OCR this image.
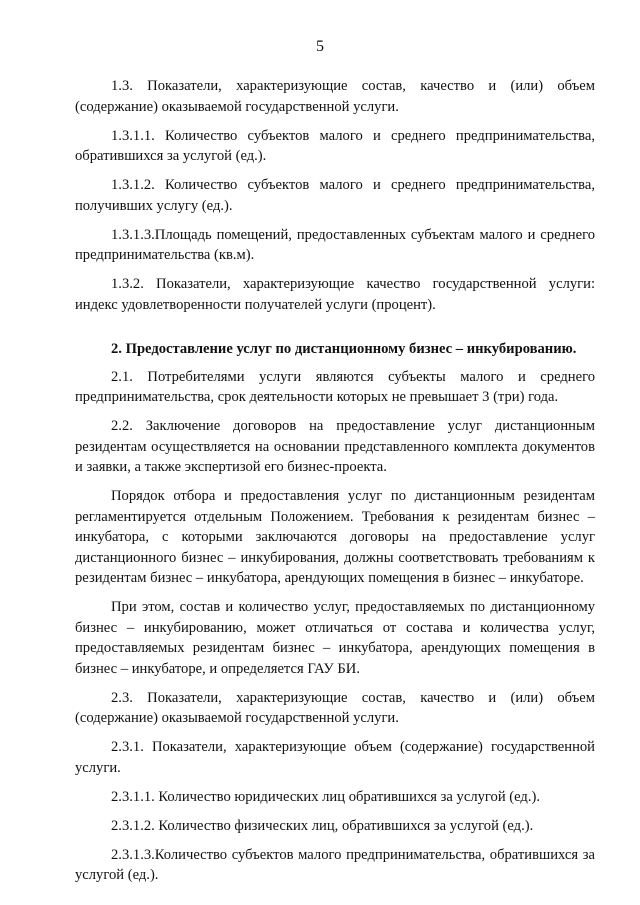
5

1.3. Показатели, характеризующие состав, качество и (или) объем (содержание) оказываемой государственной услуги.

1.3.1.1. Количество субъектов малого и среднего предпринимательства, обратившихся за услугой (ед.).

1.3.1.2. Количество субъектов малого и среднего предпринимательства, получивших услугу (ед.).

1.3.1.3.Площадь помещений, предоставленных субъектам малого и среднего предпринимательства (кв.м).

1.3.2. Показатели, характеризующие качество государственной услуги: индекс удовлетворенности получателей услуги (процент).

2. Предоставление услуг по дистанционному бизнес – инкубированию.

2.1. Потребителями услуги являются субъекты малого и среднего предпринимательства, срок деятельности которых не превышает 3 (три) года.

2.2. Заключение договоров на предоставление услуг дистанционным резидентам осуществляется на основании представленного комплекта документов и заявки, а также экспертизой его бизнес-проекта.

Порядок отбора и предоставления услуг по дистанционным резидентам регламентируется отдельным Положением. Требования к резидентам бизнес – инкубатора, с которыми заключаются договоры на предоставление услуг дистанционного бизнес – инкубирования, должны соответствовать требованиям к резидентам бизнес – инкубатора, арендующих помещения в бизнес – инкубаторе.

При этом, состав и количество услуг, предоставляемых по дистанционному бизнес – инкубированию, может отличаться от состава и количества услуг, предоставляемых резидентам бизнес – инкубатора, арендующих помещения в бизнес – инкубаторе, и определяется ГАУ БИ.

2.3. Показатели, характеризующие состав, качество и (или) объем (содержание) оказываемой государственной услуги.

2.3.1. Показатели, характеризующие объем (содержание) государственной услуги.

2.3.1.1. Количество юридических лиц обратившихся за услугой (ед.).

2.3.1.2. Количество физических лиц, обратившихся за услугой (ед.).

2.3.1.3.Количество субъектов малого предпринимательства, обратившихся за услугой (ед.).
